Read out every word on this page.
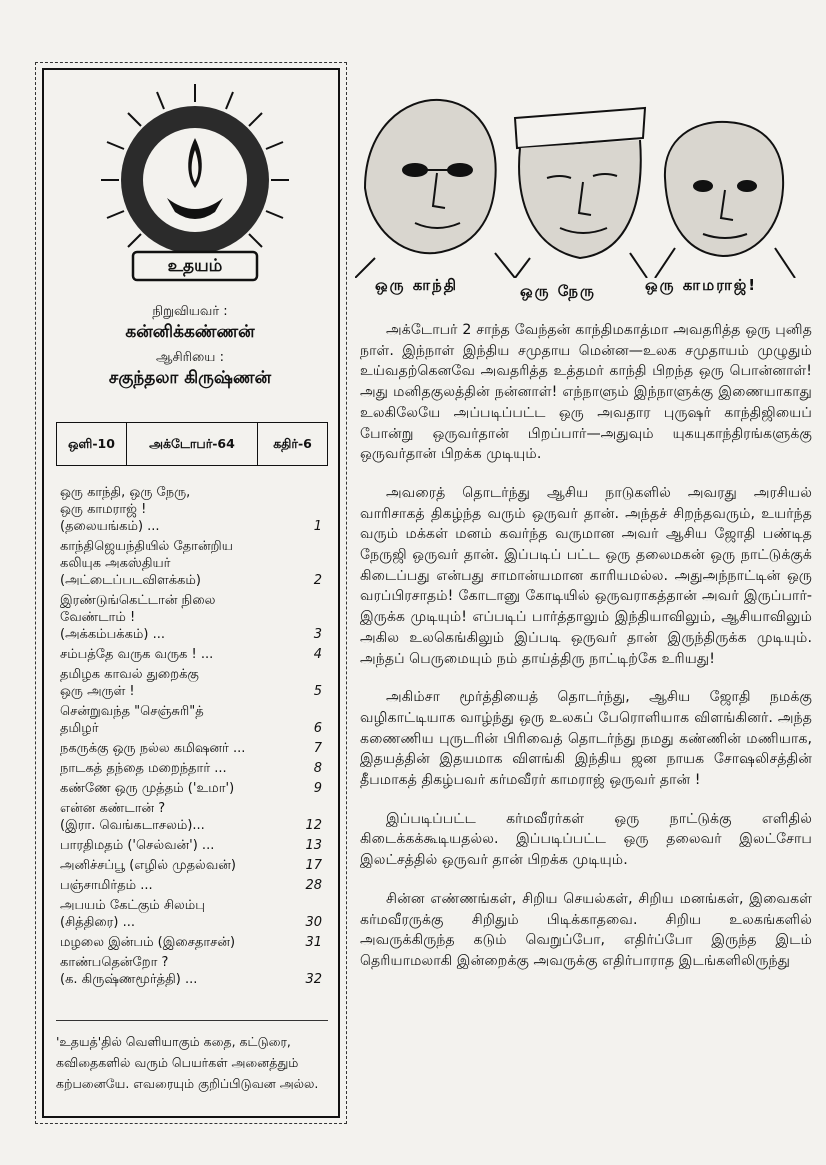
உதயம்
நிறுவியவர் :
கன்னிக்கண்ணன்
ஆசிரியை :
சகுந்தலா கிருஷ்ணன்
ஒளி-10	அக்டோபர்-64	கதிர்-6
ஒரு காந்தி, ஒரு நேரு,
ஒரு காமராஜ் !
(தலையங்கம்) ...	1
காந்திஜெயந்தியில் தோன்றிய
கலியுக அகஸ்தியர்
(அட்டைப்படவிளக்கம்)	2
இரண்டுங்கெட்டான் நிலை
வேண்டாம் !
(அக்கம்பக்கம்) ...	3
சம்பத்தே வருக வருக ! ...	4
தமிழக காவல் துறைக்கு
ஒரு அருள் !	5
சென்றுவந்த "செஞ்சுரி"த்
தமிழர்	6
நகருக்கு ஒரு நல்ல கமிஷனர் ...	7
நாடகத் தந்தை மறைந்தார் ...	8
கண்ணே ஒரு முத்தம் ('உமா')	9
என்ன கண்டான் ?
(இரா. வெங்கடாசலம்)...	12
பாரதிமதம் ('செல்வன்') ...	13
அனிச்சப்பூ (எழில் முதல்வன்)	17
பஞ்சாமிர்தம் ...	28
அபயம் கேட்கும் சிலம்பு
(சித்திரை) ...	30
மழலை இன்பம் (இசைதாசன்)	31
காண்பதென்றோ ?
(க. கிருஷ்ணமூர்த்தி) ...	32
'உதயத்'தில் வெளியாகும் கதை, கட்டுரை, கவிதைகளில் வரும் பெயர்கள் அனைத்தும் கற்பனையே. எவரையும் குறிப்பிடுவன அல்ல.
ஒரு காந்தி	ஒரு நேரு	ஒரு காமராஜ்!

அக்டோபர் 2 சாந்த வேந்தன் காந்திமகாத்மா அவதரித்த ஒரு புனித நாள். இந்நாள் இந்திய சமுதாய மென்ன—உலக சமுதாயம் முழுதும் உய்வதற்கெனவே அவதரித்த உத்தமர் காந்தி பிறந்த ஒரு பொன்னாள்! அது மனிதகுலத்தின் நன்னாள்! எந்நாளும் இந்நாளுக்கு இணையாகாது உலகிலேயே அப்படிப்பட்ட ஒரு அவதார புருஷர் காந்திஜியைப் போன்று ஒருவர்தான் பிறப்பார்—அதுவும் யுகயுகாந்திரங்களுக்கு ஒருவர்தான் பிறக்க முடியும்.

அவரைத் தொடர்ந்து ஆசிய நாடுகளில் அவரது அரசியல் வாரிசாகத் திகழ்ந்த வரும் ஒருவர் தான். அந்தச் சிறந்தவரும், உயர்ந்த வரும் மக்கள் மனம் கவர்ந்த வருமான அவர் ஆசிய ஜோதி பண்டித நேருஜி ஒருவர் தான். இப்படிப் பட்ட ஒரு தலைமகன் ஒரு நாட்டுக்குக் கிடைப்பது என்பது சாமான்யமான காரியமல்ல. அதுஅந்நாட்டின் ஒரு வரப்பிரசாதம்! கோடானு கோடியில் ஒருவராகத்தான் அவர் இருப்பார்- இருக்க முடியும்! எப்படிப் பார்த்தாலும் இந்தியாவிலும், ஆசியாவிலும் அகில உலகெங்கிலும் இப்படி ஒருவர் தான் இருந்திருக்க முடியும். அந்தப் பெருமையும் நம் தாய்த்திரு நாட்டிற்கே உரியது!

அகிம்சா மூர்த்தியைத் தொடர்ந்து, ஆசிய ஜோதி நமக்கு வழிகாட்டியாக வாழ்ந்து ஒரு உலகப் பேரொளியாக விளங்கினர். அந்த கணைணிய புருடரின் பிரிவைத் தொடர்ந்து நமது கண்ணின் மணியாக, இதயத்தின் இதயமாக விளங்கி இந்திய ஜன நாயக சோஷலிசத்தின் தீபமாகத் திகழ்பவர் கர்மவீரர் காமராஜ் ஒருவர் தான் !

இப்படிப்பட்ட கர்மவீரர்கள் ஒரு நாட்டுக்கு எளிதில் கிடைக்கக்கூடியதல்ல. இப்படிப்பட்ட ஒரு தலைவர் இலட்சோப இலட்சத்தில் ஒருவர் தான் பிறக்க முடியும்.

சின்ன எண்ணங்கள், சிறிய செயல்கள், சிறிய மனங்கள், இவைகள் கர்மவீரருக்கு சிறிதும் பிடிக்காதவை. சிறிய உலகங்களில் அவருக்கிருந்த கடும் வெறுப்போ, எதிர்ப்போ இருந்த இடம் தெரியாமலாகி இன்றைக்கு அவருக்கு எதிர்பாராத இடங்களிலிருந்து
